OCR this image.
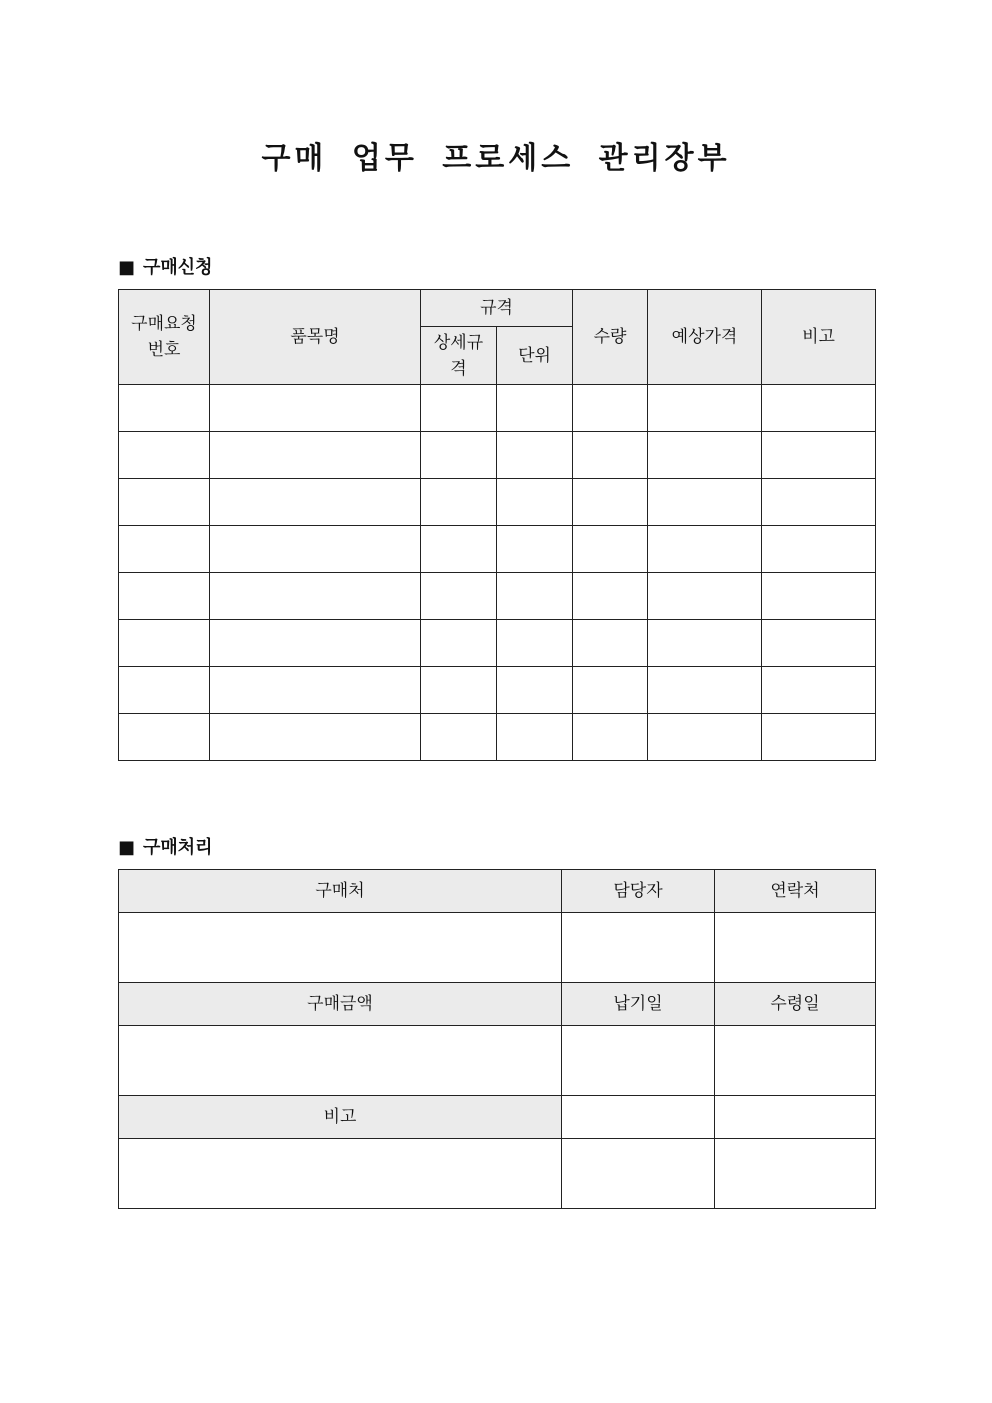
구매 업무 프로세스 관리장부
■ 구매신청
구매요청번호	품목명	규격		수량	예상가격	비고

		상세규격	단위			

■ 구매처리
구매처	담당자	연락처

구매금액	납기일	수령일

비고		
